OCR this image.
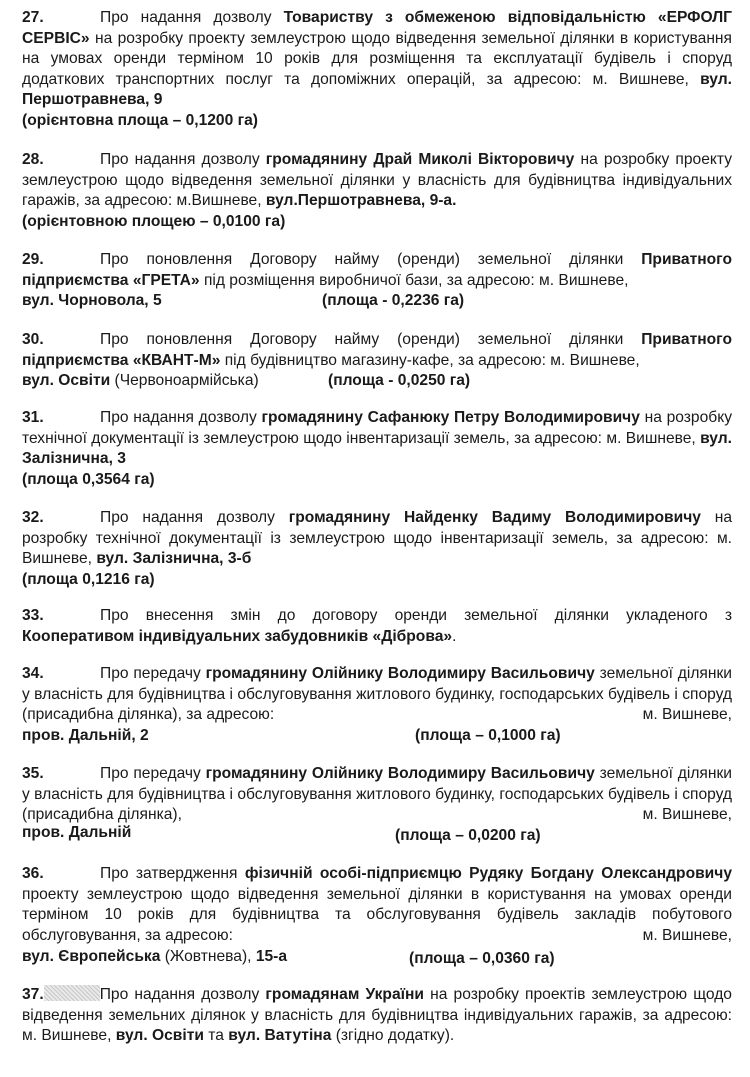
27.	Про надання дозволу Товариству з обмеженою відповідальністю «ЕРФОЛГ СЕРВІС» на розробку проекту землеустрою щодо відведення земельної ділянки в користування на умовах оренди терміном 10 років для розміщення та експлуатації будівель і споруд додаткових транспортних послуг та допоміжних операцій, за адресою: м. Вишневе, вул. Першотравнева, 9

(орієнтовна площа – 0,1200 га)

28.	Про надання дозволу громадянину Драй Миколі Вікторовичу на розробку проекту землеустрою щодо відведення земельної ділянки у власність для будівництва індивідуальних гаражів, за адресою: м.Вишневе, вул.Першотравнева, 9-а.

(орієнтовною площею – 0,0100 га)

29.	Про поновлення Договору найму (оренди) земельної ділянки Приватного підприємства «ГРЕТА» під розміщення виробничої бази, за адресою: м. Вишневе,

вул. Чорновола, 5	(площа - 0,2236 га)

30.	Про поновлення Договору найму (оренди) земельної ділянки Приватного підприємства «КВАНТ-М» під будівництво магазину-кафе, за адресою: м. Вишневе,

вул. Освіти (Червоноармійська)	(площа - 0,0250 га)

31.	Про надання дозволу громадянину Сафанюку Петру Володимировичу на розробку технічної документації із землеустрою щодо інвентаризації земель, за адресою: м. Вишневе, вул. Залізнична, 3

(площа 0,3564 га)

32.	Про надання дозволу громадянину Найденку Вадиму Володимировичу на розробку технічної документації із землеустрою щодо інвентаризації земель, за адресою: м. Вишневе, вул. Залізнична, 3-б

(площа 0,1216 га)

33.	Про внесення змін до договору оренди земельної ділянки укладеного з Кооперативом індивідуальних забудовників «Діброва».

34.	Про передачу громадянину Олійнику Володимиру Васильовичу земельної ділянки у власність для будівництва і обслуговування житлового будинку, господарських будівель і споруд (присадибна ділянка), за адресою:	м. Вишневе,
пров. Дальній, 2	(площа – 0,1000 га)

35.	Про передачу громадянину Олійнику Володимиру Васильовичу земельної ділянки у власність для будівництва і обслуговування житлового будинку, господарських будівель і споруд (присадибна ділянка),	м. Вишневе,
пров. Дальній	(площа – 0,0200 га)

36.	Про затвердження фізичній особі-підприємцю Рудяку Богдану Олександровичу проекту землеустрою щодо відведення земельної ділянки в користування на умовах оренди терміном 10 років для будівництва та обслуговування будівель закладів побутового обслуговування, за адресою:	м. Вишневе,
вул. Європейська (Жовтнева), 15-а	(площа – 0,0360 га)

37.	Про надання дозволу громадянам України на розробку проектів землеустрою щодо відведення земельних ділянок у власність для будівництва індивідуальних гаражів, за адресою: м. Вишневе, вул. Освіти та вул. Ватутіна (згідно додатку).
